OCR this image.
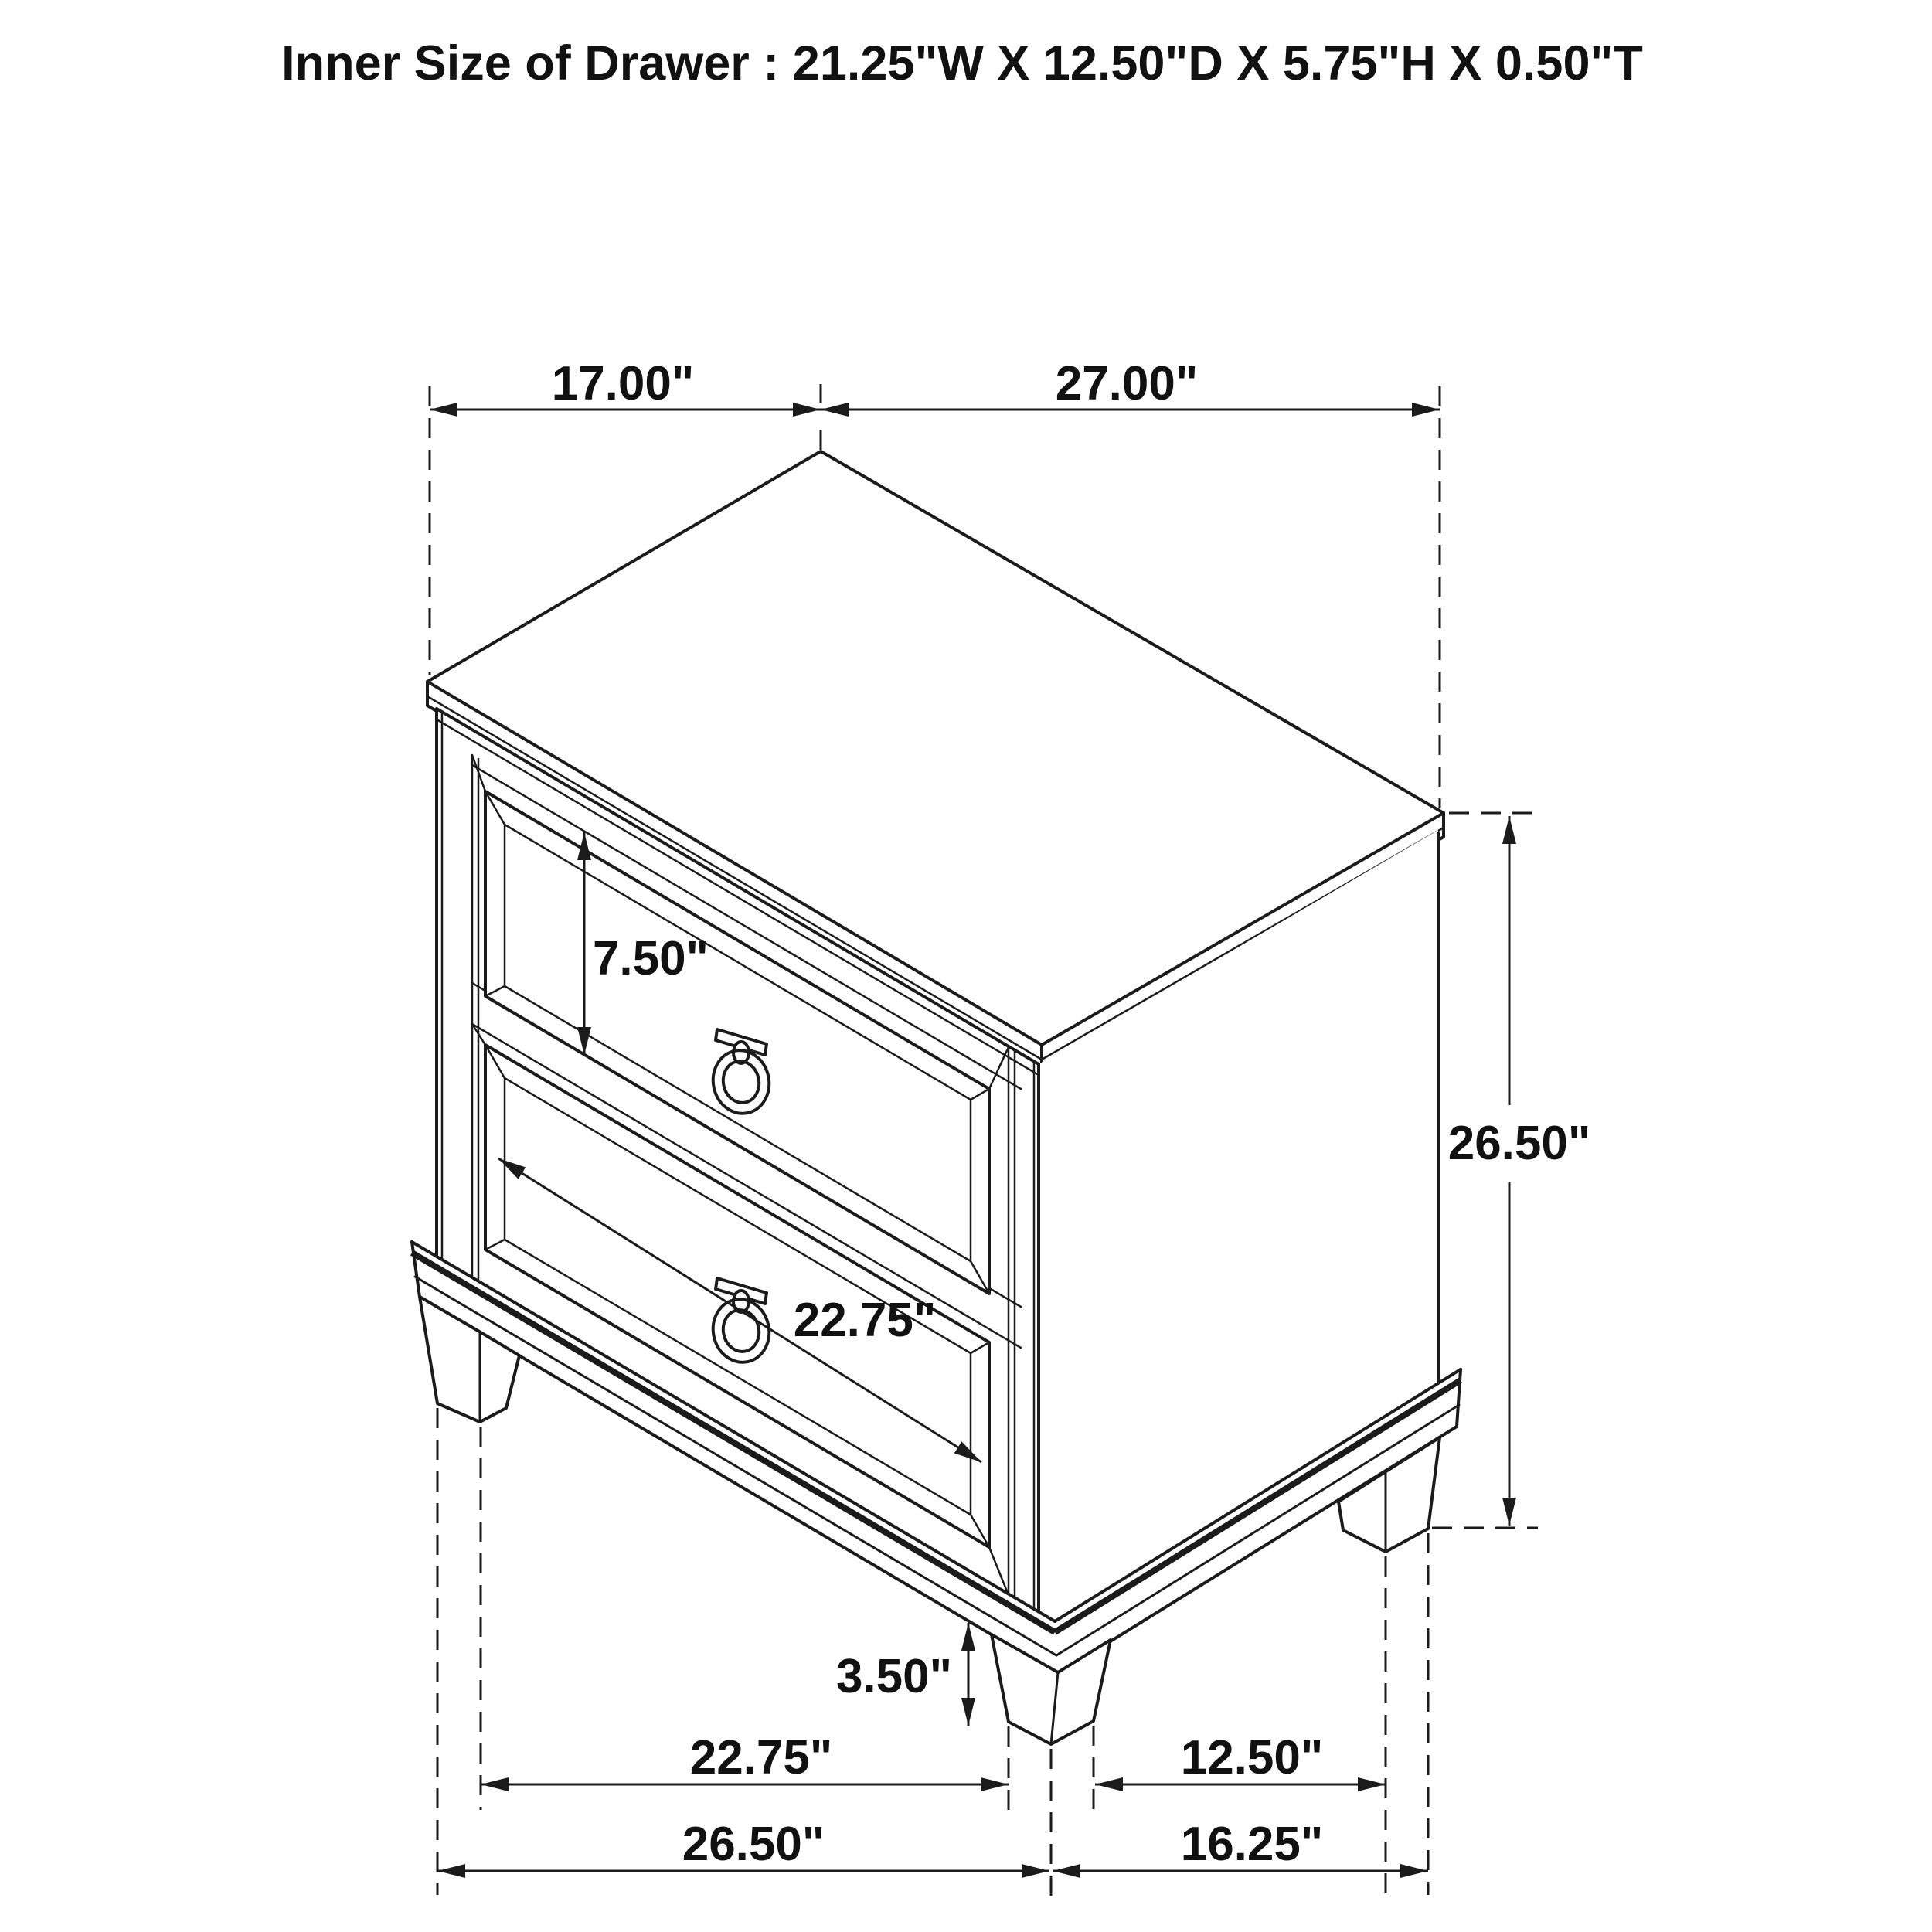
Inner Size of Drawer : 21.25"W X 12.50"D X 5.75"H X 0.50"T
17.00"	27.00"
26.50"
7.50"
22.75"
3.50"
22.75"	12.50"
26.50"	16.25"
